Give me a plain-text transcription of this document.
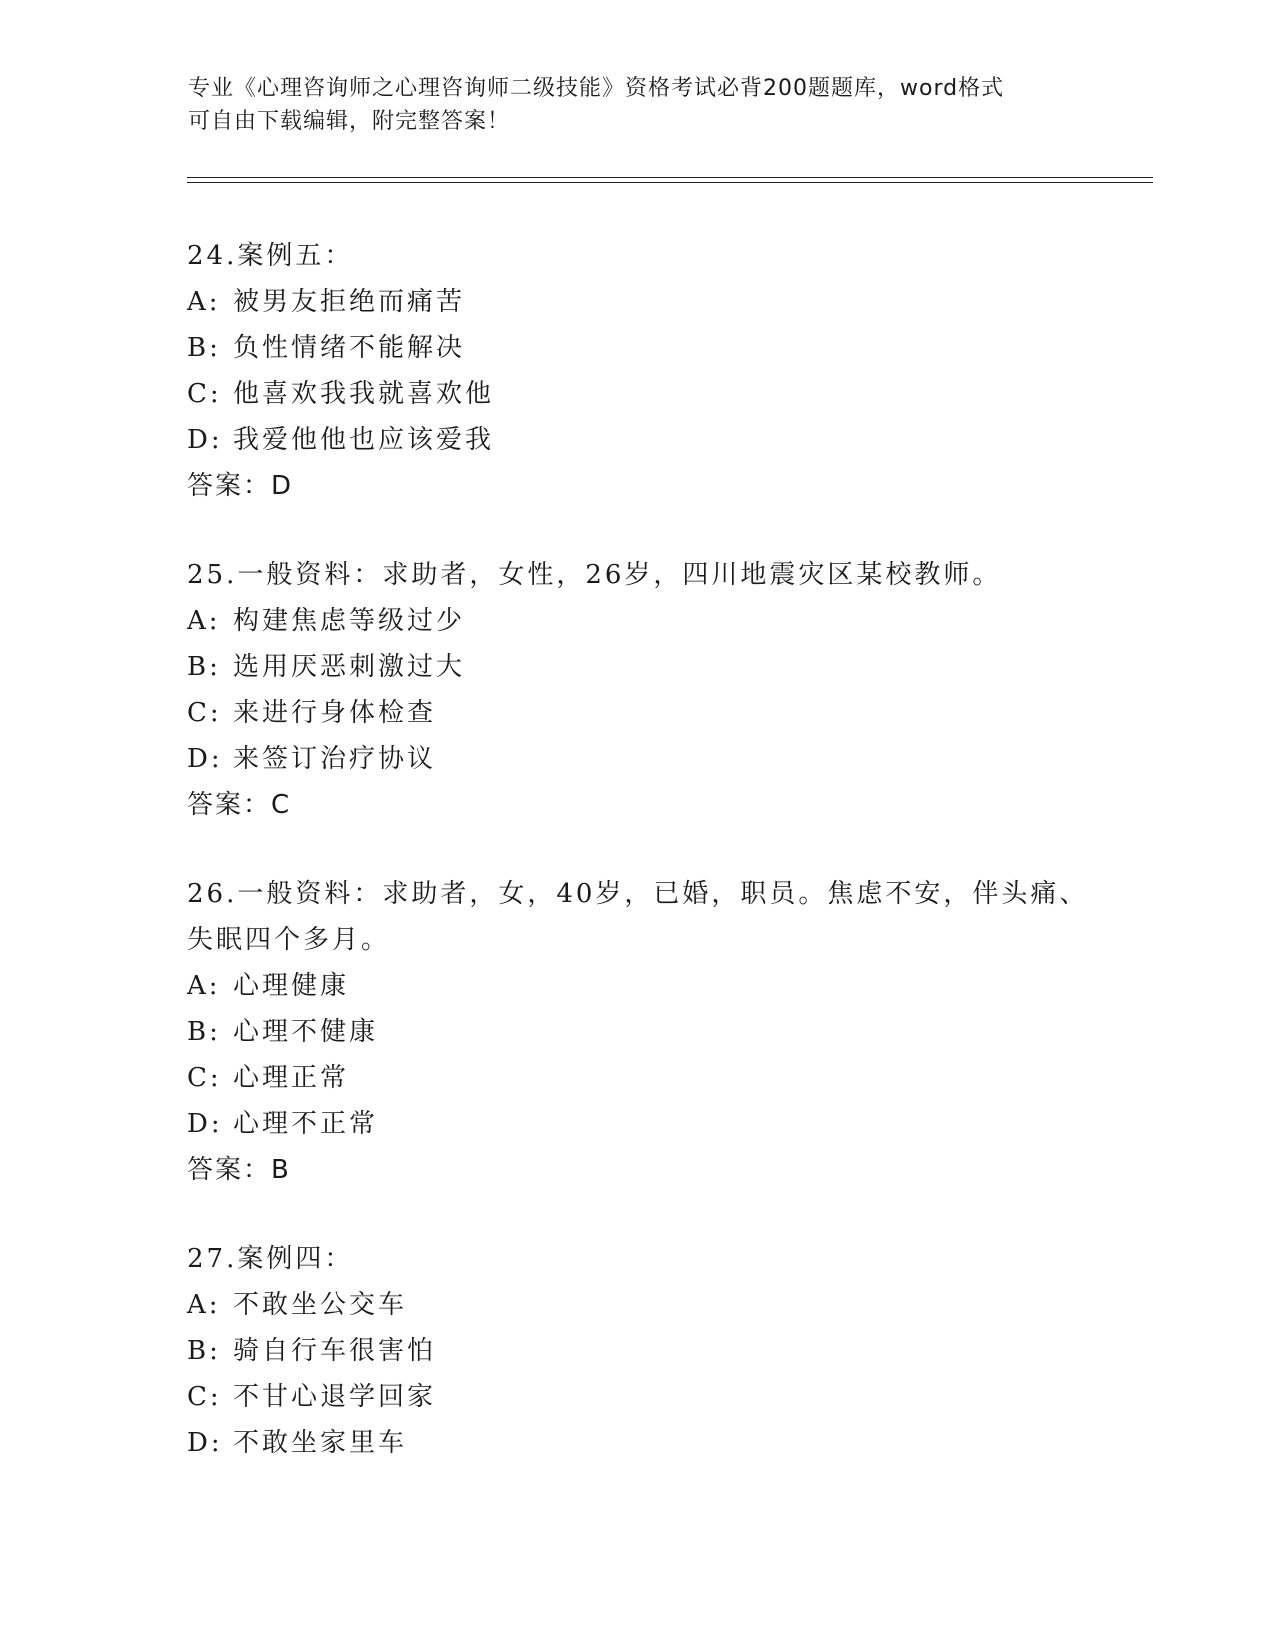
专业《心理咨询师之心理咨询师二级技能》资格考试必背200题题库，word格式
可自由下载编辑，附完整答案！
24.案例五：
A: 被男友拒绝而痛苦
B: 负性情绪不能解决
C: 他喜欢我我就喜欢他
D: 我爱他他也应该爱我
答案：D
25.一般资料：求助者，女性，26岁，四川地震灾区某校教师。
A: 构建焦虑等级过少
B: 选用厌恶刺激过大
C: 来进行身体检查
D: 来签订治疗协议
答案：C
26.一般资料：求助者，女，40岁，已婚，职员。焦虑不安，伴头痛、
失眠四个多月。
A: 心理健康
B: 心理不健康
C: 心理正常
D: 心理不正常
答案：B
27.案例四：
A: 不敢坐公交车
B: 骑自行车很害怕
C: 不甘心退学回家
D: 不敢坐家里车
